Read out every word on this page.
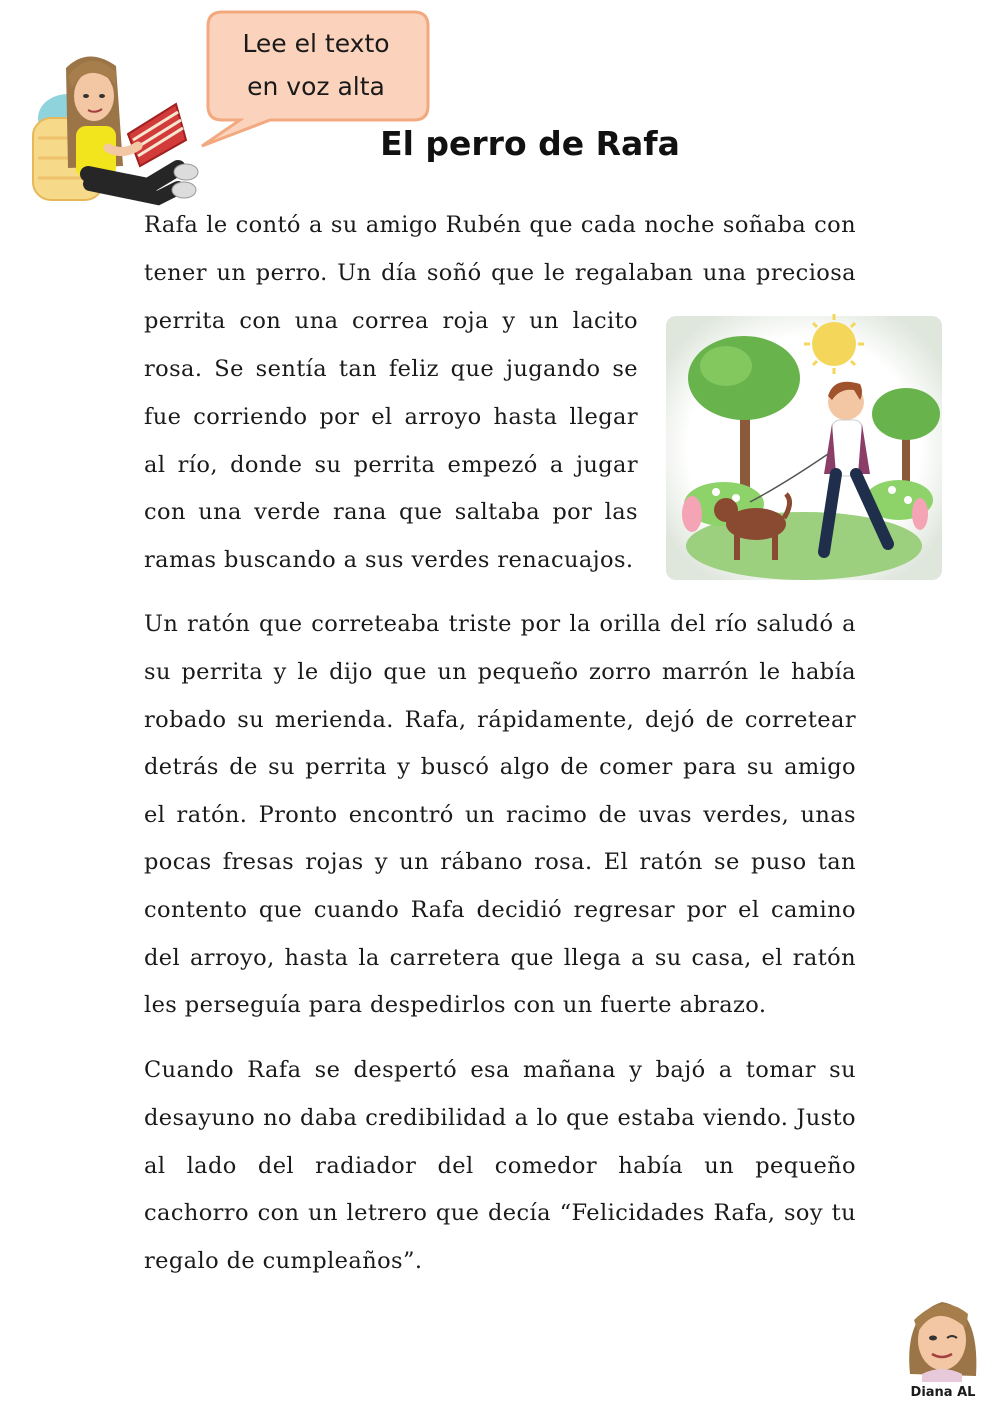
Lee el texto
en voz alta
El perro de Rafa
Rafa le contó a su amigo Rubén que cada noche soñaba con
tener un perro. Un día soñó que le regalaban una preciosa
perrita con una correa roja y un lacito
rosa. Se sentía tan feliz que jugando se
fue corriendo por el arroyo hasta llegar
al río, donde su perrita empezó a jugar
con una verde rana que saltaba por las
ramas buscando a sus verdes renacuajos.
Un ratón que correteaba triste por la orilla del río saludó a
su perrita y le dijo que un pequeño zorro marrón le había
robado su merienda. Rafa, rápidamente, dejó de corretear
detrás de su perrita y buscó algo de comer para su amigo
el ratón. Pronto encontró un racimo de uvas verdes, unas
pocas fresas rojas y un rábano rosa. El ratón se puso tan
contento que cuando Rafa decidió regresar por el camino
del arroyo, hasta la carretera que llega a su casa, el ratón
les perseguía para despedirlos con un fuerte abrazo.
Cuando Rafa se despertó esa mañana y bajó a tomar su
desayuno no daba credibilidad a lo que estaba viendo. Justo
al lado del radiador del comedor había un pequeño
cachorro con un letrero que decía “Felicidades Rafa, soy tu
regalo de cumpleaños”.
Diana AL
